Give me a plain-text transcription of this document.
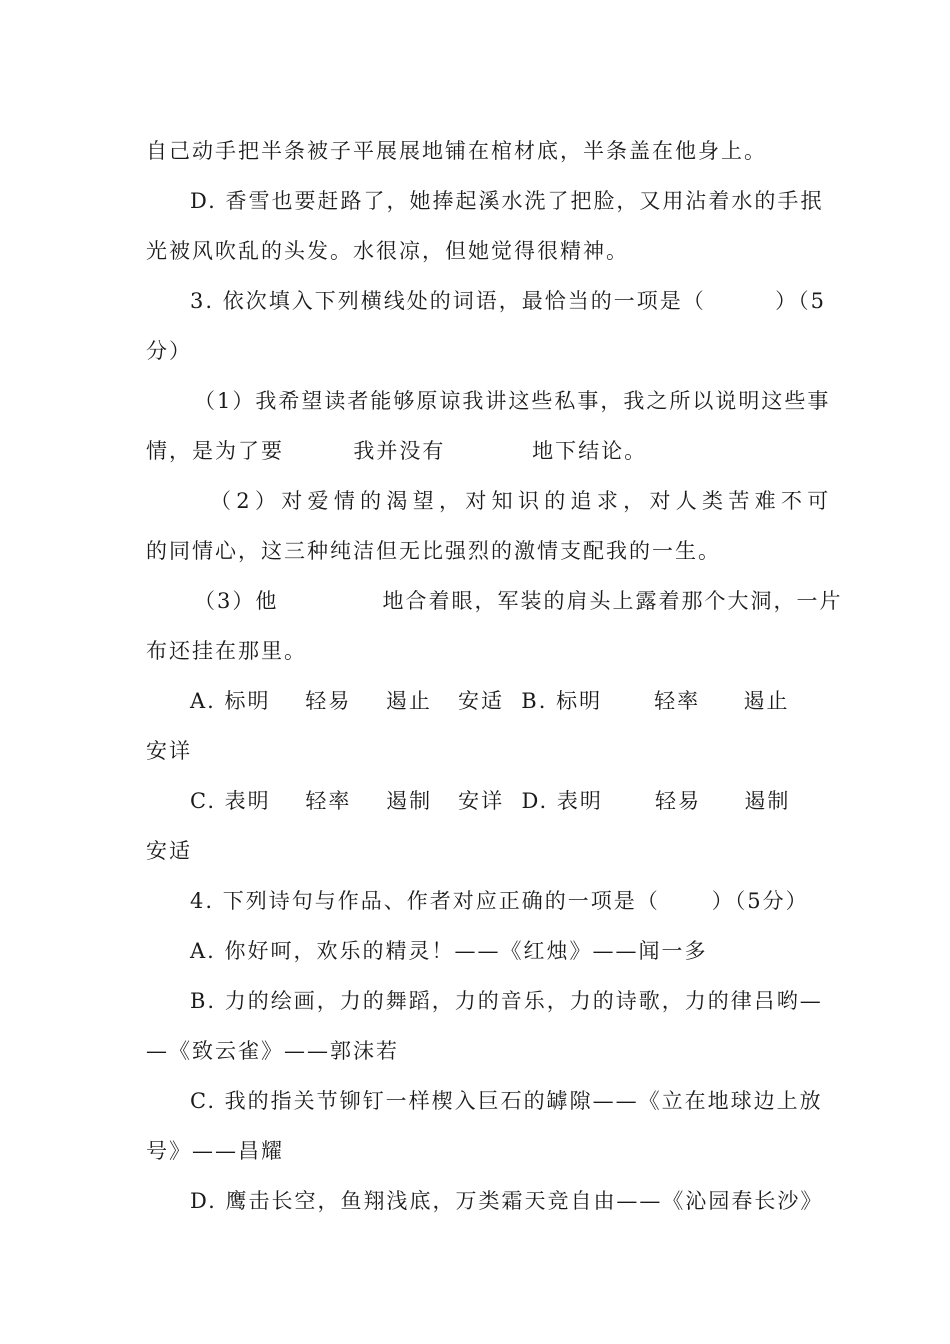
自己动手把半条被子平展展地铺在棺材底，半条盖在他身上。
D. 香雪也要赶路了，她捧起溪水洗了把脸，又用沾着水的手抿
光被风吹乱的头发。水很凉，但她觉得很精神。
3. 依次填入下列横线处的词语，最恰当的一项是（        ）（5
分）
（1）我希望读者能够原谅我讲这些私事，我之所以说明这些事
情，是为了要        我并没有          地下结论。
（2）对爱情的渴望，对知识的追求，对人类苦难不可
的同情心，这三种纯洁但无比强烈的激情支配我的一生。
（3）他            地合着眼，军装的肩头上露着那个大洞，一片
布还挂在那里。
A. 标明    轻易    遏止   安适  B. 标明      轻率     遏止
安详
C. 表明    轻率    遏制   安详  D. 表明      轻易     遏制
安适
4. 下列诗句与作品、作者对应正确的一项是（      ）（5分）
A. 你好呵，欢乐的精灵！——《红烛》——闻一多
B. 力的绘画，力的舞蹈，力的音乐，力的诗歌，力的律吕哟—
—《致云雀》——郭沫若
C. 我的指关节铆钉一样楔入巨石的罅隙——《立在地球边上放
号》——昌耀
D. 鹰击长空，鱼翔浅底，万类霜天竞自由——《沁园春长沙》
